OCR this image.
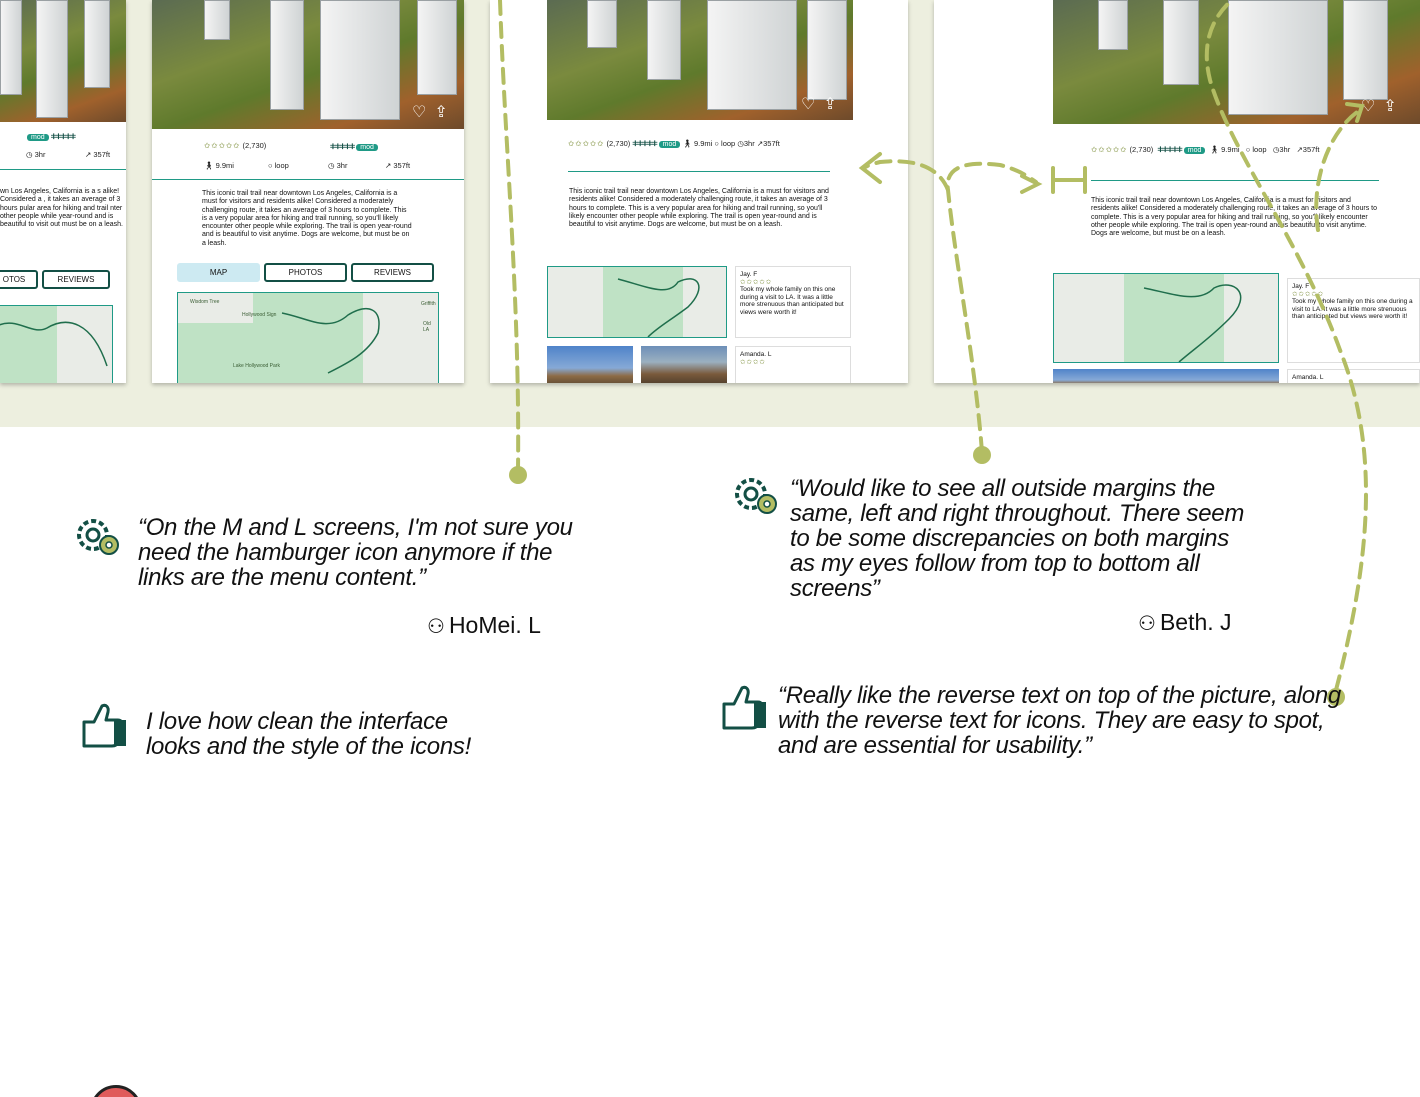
mod ⵐⵐⵐⵐⵐ
◷ 3hr	↗ 357ft
wn Los Angeles, California is a s alike! Considered a , it takes an average of 3 hours pular area for hiking and trail nter other people while year-round and is beautiful to visit out must be on a leash.
OTOS	REVIEWS
♡ ⇪
✩✩✩✩✩ (2,730)	ⵐⵐⵐⵐⵐ mod
🚶︎ 9.9mi	○ loop	◷ 3hr	↗ 357ft
This iconic trail trail near downtown Los Angeles, California is a must for visitors and residents alike! Considered a moderately challenging route, it takes an average of 3 hours to complete. This is a very popular area for hiking and trail running, so you'll likely encounter other people while exploring. The trail is open year-round and is beautiful to visit anytime. Dogs are welcome, but must be on a leash.
MAP	PHOTOS	REVIEWS
Wisdom Tree
Hollywood Sign
Lake Hollywood Park
Griffith
Old LA
♡ ⇪
✩✩✩✩✩ (2,730) ⵐⵐⵐⵐⵐ mod 🚶︎ 9.9mi ○ loop ◷3hr ↗357ft
This iconic trail trail near downtown Los Angeles, California is a must for visitors and residents alike! Considered a moderately challenging route, it takes an average of 3 hours to complete. This is a very popular area for hiking and trail running, so you'll likely encounter other people while exploring. The trail is open year-round and is beautiful to visit anytime. Dogs are welcome, but must be on a leash.
Jay. F
✩✩✩✩✩
Took my whole family on this one during a visit to LA. It was a little more strenuous than anticipated but views were worth it!
Amanda. L
✩✩✩✩
♡ ⇪
✩✩✩✩✩ (2,730) ⵐⵐⵐⵐⵐ mod 🚶︎ 9.9mi ○ loop ◷3hr ↗357ft
This iconic trail trail near downtown Los Angeles, California is a must for visitors and residents alike! Considered a moderately challenging route, it takes an average of 3 hours to complete. This is a very popular area for hiking and trail running, so you'll likely encounter other people while exploring. The trail is open year-round and is beautiful to visit anytime. Dogs are welcome, but must be on a leash.
Jay. F
✩✩✩✩✩
Took my whole family on this one during a visit to LA. It was a little more strenuous than anticipated but views were worth it!
Amanda. L
“On the M and L screens, I'm not sure you need the hamburger icon anymore if the links are the menu content.”
⚇ HoMei. L
“Would like to see all outside margins the same, left and right throughout. There seem to be some discrepancies on both margins as my eyes follow from top to bottom all screens”
⚇ Beth. J
I love how clean the interface looks and the style of the icons!
“Really like the reverse text on top of the picture, along with the reverse text for icons. They are easy to spot, and are essential for usability.”
